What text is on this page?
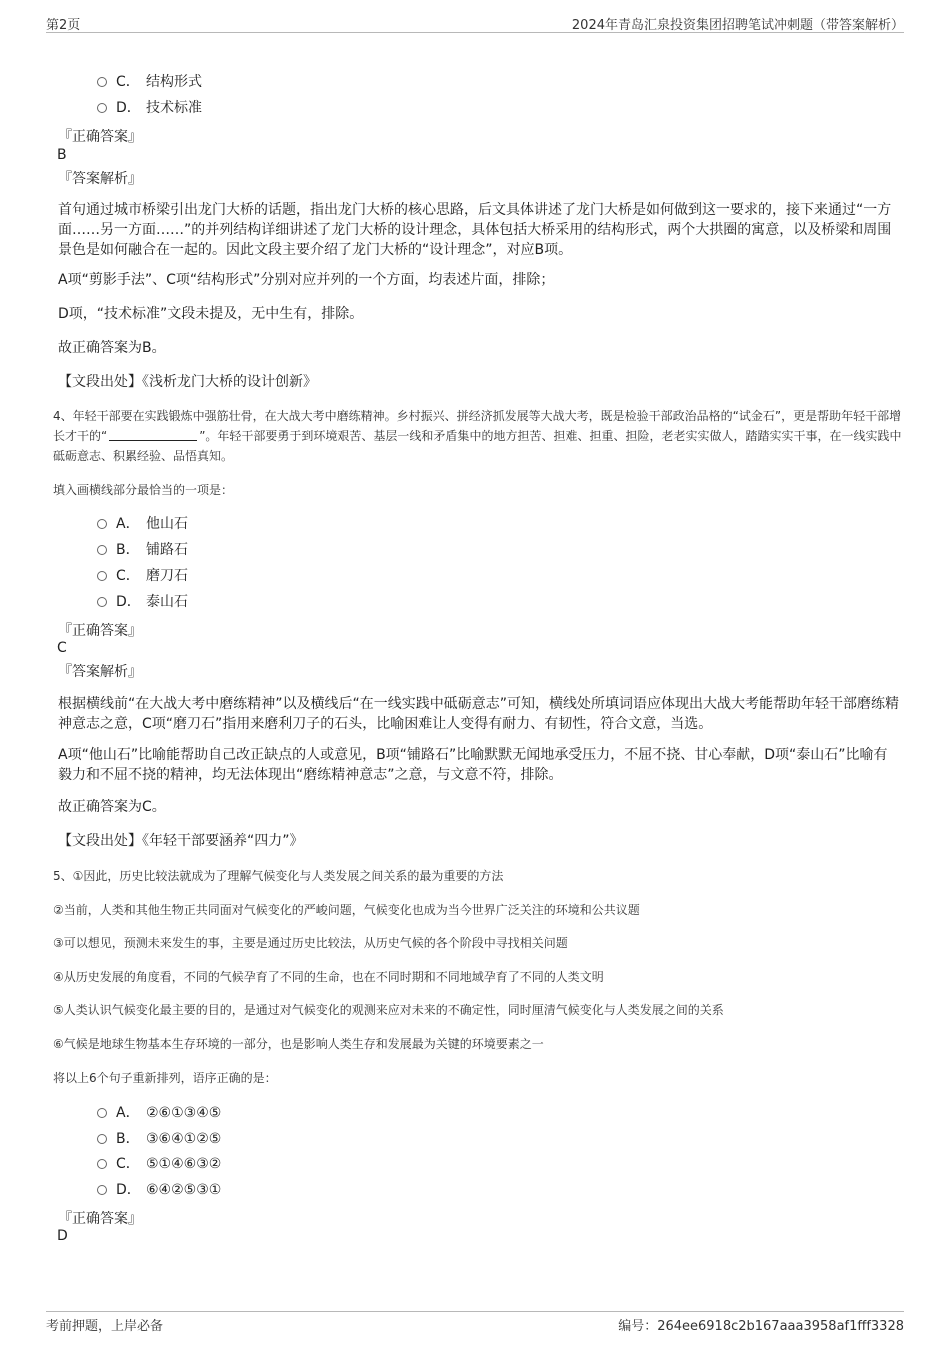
第2页	2024年青岛汇泉投资集团招聘笔试冲刺题（带答案解析）
C． 结构形式
D． 技术标准
『正确答案』
B
『答案解析』
首句通过城市桥梁引出龙门大桥的话题，指出龙门大桥的核心思路，后文具体讲述了龙门大桥是如何做到这一要求的，接下来通过“一方面……另一方面……”的并列结构详细讲述了龙门大桥的设计理念，具体包括大桥采用的结构形式，两个大拱圈的寓意，以及桥梁和周围景色是如何融合在一起的。因此文段主要介绍了龙门大桥的“设计理念”，对应B项。
A项“剪影手法”、C项“结构形式”分别对应并列的一个方面，均表述片面，排除；
D项，“技术标准”文段未提及，无中生有，排除。
故正确答案为B。
【文段出处】《浅析龙门大桥的设计创新》
4、年轻干部要在实践锻炼中强筋壮骨，在大战大考中磨练精神。乡村振兴、拼经济抓发展等大战大考，既是检验干部政治品格的“试金石”，更是帮助年轻干部增长才干的“	”。年轻干部要勇于到环境艰苦、基层一线和矛盾集中的地方担苦、担难、担重、担险，老老实实做人，踏踏实实干事，在一线实践中砥砺意志、积累经验、品悟真知。
填入画横线部分最恰当的一项是：
A． 他山石
B． 铺路石
C． 磨刀石
D． 泰山石
『正确答案』
C
『答案解析』
根据横线前“在大战大考中磨练精神”以及横线后“在一线实践中砥砺意志”可知，横线处所填词语应体现出大战大考能帮助年轻干部磨练精神意志之意，C项“磨刀石”指用来磨利刀子的石头，比喻困难让人变得有耐力、有韧性，符合文意，当选。
A项“他山石”比喻能帮助自己改正缺点的人或意见，B项“铺路石”比喻默默无闻地承受压力，不屈不挠、甘心奉献，D项“泰山石”比喻有毅力和不屈不挠的精神，均无法体现出“磨练精神意志”之意，与文意不符，排除。
故正确答案为C。
【文段出处】《年轻干部要涵养“四力”》
5、①因此，历史比较法就成为了理解气候变化与人类发展之间关系的最为重要的方法
②当前，人类和其他生物正共同面对气候变化的严峻问题，气候变化也成为当今世界广泛关注的环境和公共议题
③可以想见，预测未来发生的事，主要是通过历史比较法，从历史气候的各个阶段中寻找相关问题
④从历史发展的角度看，不同的气候孕育了不同的生命，也在不同时期和不同地域孕育了不同的人类文明
⑤人类认识气候变化最主要的目的，是通过对气候变化的观测来应对未来的不确定性，同时厘清气候变化与人类发展之间的关系
⑥气候是地球生物基本生存环境的一部分，也是影响人类生存和发展最为关键的环境要素之一
将以上6个句子重新排列，语序正确的是：
A． ②⑥①③④⑤
B． ③⑥④①②⑤
C． ⑤①④⑥③②
D． ⑥④②⑤③①
『正确答案』
D
考前押题，上岸必备	编号：264ee6918c2b167aaa3958af1fff3328
